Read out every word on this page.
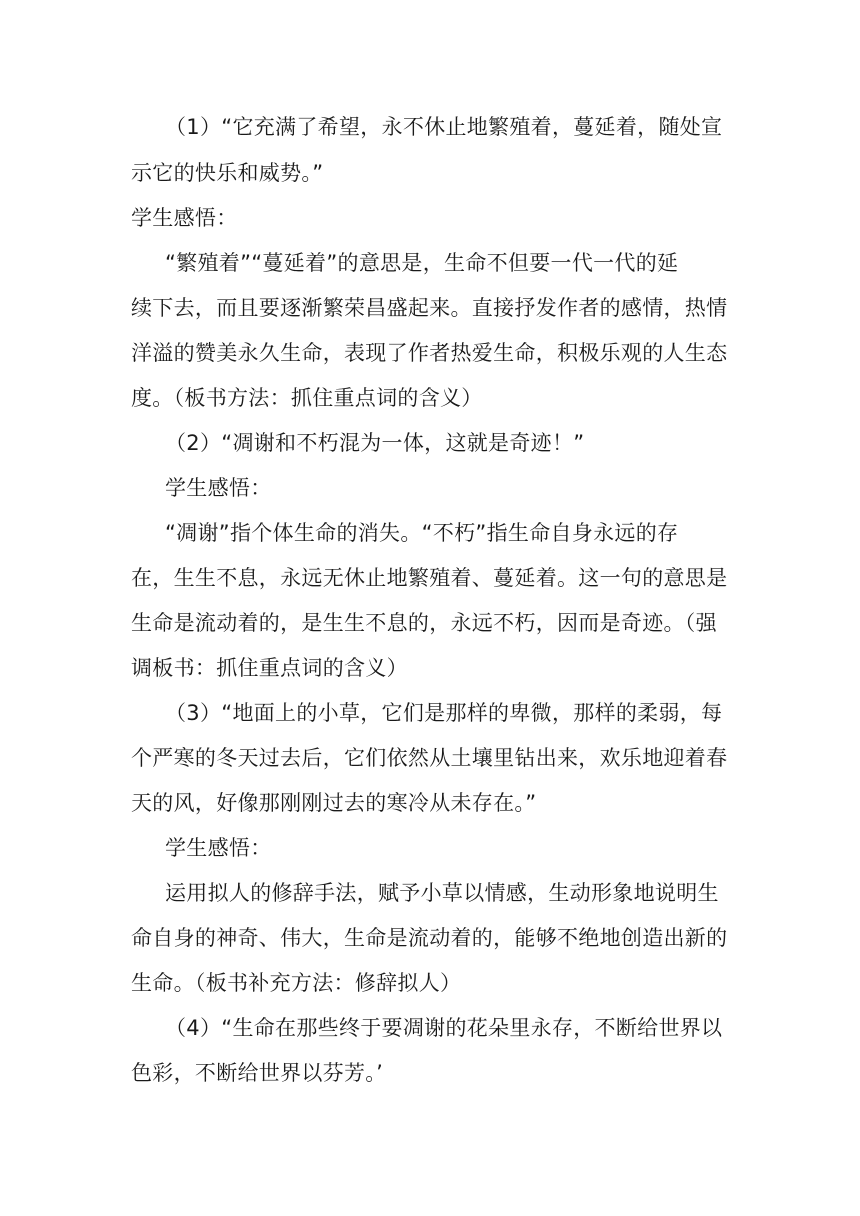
（1）“它充满了希望，永不休止地繁殖着，蔓延着，随处宣
示它的快乐和威势。”
学生感悟：
“繁殖着”“蔓延着”的意思是，生命不但要一代一代的延
续下去，而且要逐渐繁荣昌盛起来。直接抒发作者的感情，热情
洋溢的赞美永久生命，表现了作者热爱生命，积极乐观的人生态
度。（板书方法：抓住重点词的含义）
（2）“凋谢和不朽混为一体，这就是奇迹！”
学生感悟：
“凋谢”指个体生命的消失。“不朽”指生命自身永远的存
在，生生不息，永远无休止地繁殖着、蔓延着。这一句的意思是
生命是流动着的，是生生不息的，永远不朽，因而是奇迹。（强
调板书：抓住重点词的含义）
（3）“地面上的小草，它们是那样的卑微，那样的柔弱，每
个严寒的冬天过去后，它们依然从土壤里钻出来，欢乐地迎着春
天的风，好像那刚刚过去的寒冷从未存在。”
学生感悟：
运用拟人的修辞手法，赋予小草以情感，生动形象地说明生
命自身的神奇、伟大，生命是流动着的，能够不绝地创造出新的
生命。（板书补充方法：修辞拟人）
（4）“生命在那些终于要凋谢的花朵里永存，不断给世界以
色彩，不断给世界以芬芳。’
